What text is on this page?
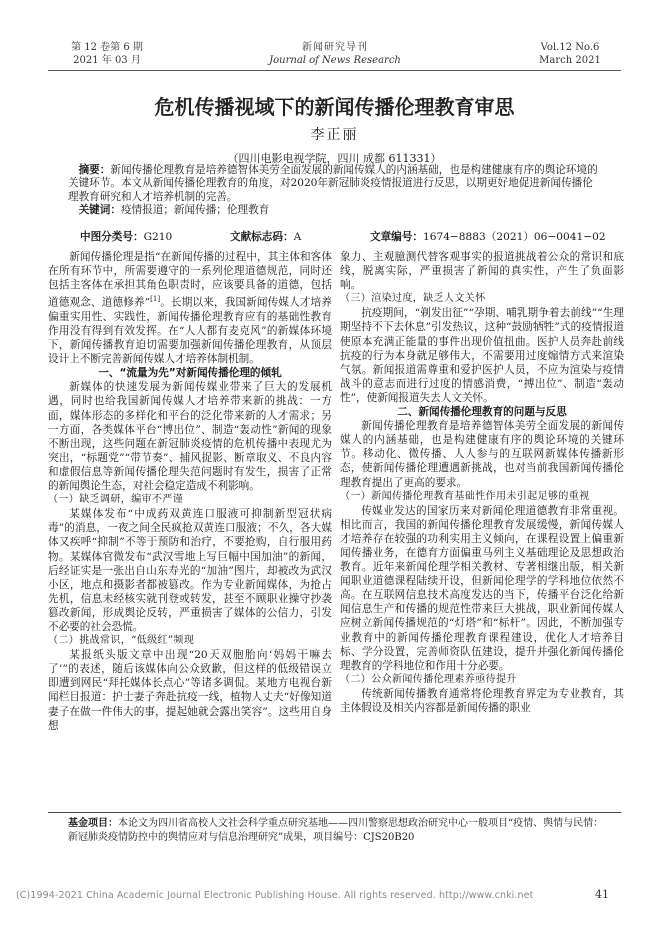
第 12 卷第 6 期
2021 年 03 月
新闻研究导刊
Journal of News Research
Vol.12 No.6
March 2021
危机传播视域下的新闻传播伦理教育审思
李正丽
（四川电影电视学院，四川 成都 611331）
摘要：新闻传播伦理教育是培养德智体美劳全面发展的新闻传媒人的内涵基础，也是构建健康有序的舆论环境的关键环节。本文从新闻传播伦理教育的角度，对2020年新冠肺炎疫情报道进行反思，以期更好地促进新闻传播伦理教育研究和人才培养机制的完善。
关键词：疫情报道；新闻传播；伦理教育
中图分类号：G210	文献标志码：A	文章编号：1674−8883（2021）06−0041−02

新闻传播伦理是指“在新闻传播的过程中，其主体和客体在所有环节中，所需要遵守的一系列伦理道德规范，同时还包括主客体在承担其角色职责时，应该要具备的道德，包括道德观念、道德修养”[1]。长期以来，我国新闻传媒人才培养偏重实用性、实践性，新闻传播伦理教育应有的基础性教育作用没有得到有效发挥。在“人人都有麦克风”的新媒体环境下，新闻传播教育迫切需要加强新闻传播伦理教育，从顶层设计上不断完善新闻传媒人才培养体制机制。

一、“流量为先”对新闻传播伦理的倾轧

新媒体的快速发展为新闻传媒业带来了巨大的发展机遇，同时也给我国新闻传媒人才培养带来新的挑战：一方面，媒体形态的多样化和平台的泛化带来新的人才需求；另一方面，各类媒体平台“博出位”、制造“轰动性”新闻的现象不断出现，这些问题在新冠肺炎疫情的危机传播中表现尤为突出，“标题党”“带节奏”、捕风捉影、断章取义、不良内容和虚假信息等新闻传播伦理失范问题时有发生，损害了正常的新闻舆论生态，对社会稳定造成不利影响。

（一）缺乏调研，编审不严谨

某媒体发布“中成药双黄连口服液可抑制新型冠状病毒”的消息，一夜之间全民疯抢双黄连口服液；不久，各大媒体又疾呼“抑制”不等于预防和治疗，不要抢购，自行服用药物。某媒体官微发布“武汉雪地上写巨幅中国加油”的新闻，后经证实是一张出自山东寿光的“加油”图片，却被改为武汉小区，地点和摄影者都被篡改。作为专业新闻媒体，为抢占先机，信息未经核实就刊登或转发，甚至不顾职业操守抄袭篡改新闻，形成舆论反转，严重损害了媒体的公信力，引发不必要的社会恐慌。

（二）挑战常识，“低级红”频现

某报纸头版文章中出现“20天双胞胎向‘妈妈干嘛去了’”的表述，随后该媒体向公众致歉，但这样的低级错误立即遭到网民“拜托媒体长点心”等诸多调侃。某地方电视台新闻栏目报道：护士妻子奔赴抗疫一线，植物人丈夫“好像知道妻子在做一件伟大的事，提起她就会露出笑容”。这些用自身想

象力、主观臆测代替客观事实的报道挑战着公众的常识和底线，脱离实际，严重损害了新闻的真实性，产生了负面影响。

（三）渲染过度，缺乏人文关怀

抗疫期间，“剃发出征”“孕期、哺乳期争着去前线”“生理期坚持不下去休息”引发热议，这种“鼓励牺牲”式的疫情报道使原本充满正能量的事件出现价值扭曲。医护人员奔赴前线抗疫的行为本身就足够伟大，不需要用过度煽情方式来渲染气氛。新闻报道需尊重和爱护医护人员，不应为渲染与疫情战斗的意志而进行过度的情感消费，“搏出位”、制造“轰动性”，使新闻报道失去人文关怀。

二、新闻传播伦理教育的问题与反思

新闻传播伦理教育是培养德智体美劳全面发展的新闻传媒人的内涵基础，也是构建健康有序的舆论环境的关键环节。移动化、微传播、人人参与的互联网新媒体传播新形态，使新闻传播伦理遭遇新挑战，也对当前我国新闻传播伦理教育提出了更高的要求。

（一）新闻传播伦理教育基础性作用未引起足够的重视

传媒业发达的国家历来对新闻伦理道德教育非常重视。相比而言，我国的新闻传播伦理教育发展缓慢，新闻传媒人才培养存在较强的功利实用主义倾向，在课程设置上偏重新闻传播业务，在德育方面偏重马列主义基础理论及思想政治教育。近年来新闻伦理学相关教材、专著相继出版，相关新闻职业道德课程陆续开设，但新闻伦理学的学科地位依然不高。在互联网信息技术高度发达的当下，传播平台泛化给新闻信息生产和传播的规范性带来巨大挑战，职业新闻传媒人应树立新闻传播规范的“灯塔”和“标杆”。因此，不断加强专业教育中的新闻传播伦理教育课程建设，优化人才培养目标、学分设置，完善师资队伍建设，提升并强化新闻传播伦理教育的学科地位和作用十分必要。

（二）公众新闻传播伦理素养亟待提升

传统新闻传播教育通常将伦理教育界定为专业教育，其主体假设及相关内容都是新闻传播的职业

基金项目：本论文为四川省高校人文社会科学重点研究基地——四川警察思想政治研究中心一般项目“疫情、舆情与民情：新冠肺炎疫情防控中的舆情应对与信息治理研究”成果，项目编号：CJS20B20
(C)1994-2021 China Academic Journal Electronic Publishing House. All rights reserved. http://www.cnki.net	41
